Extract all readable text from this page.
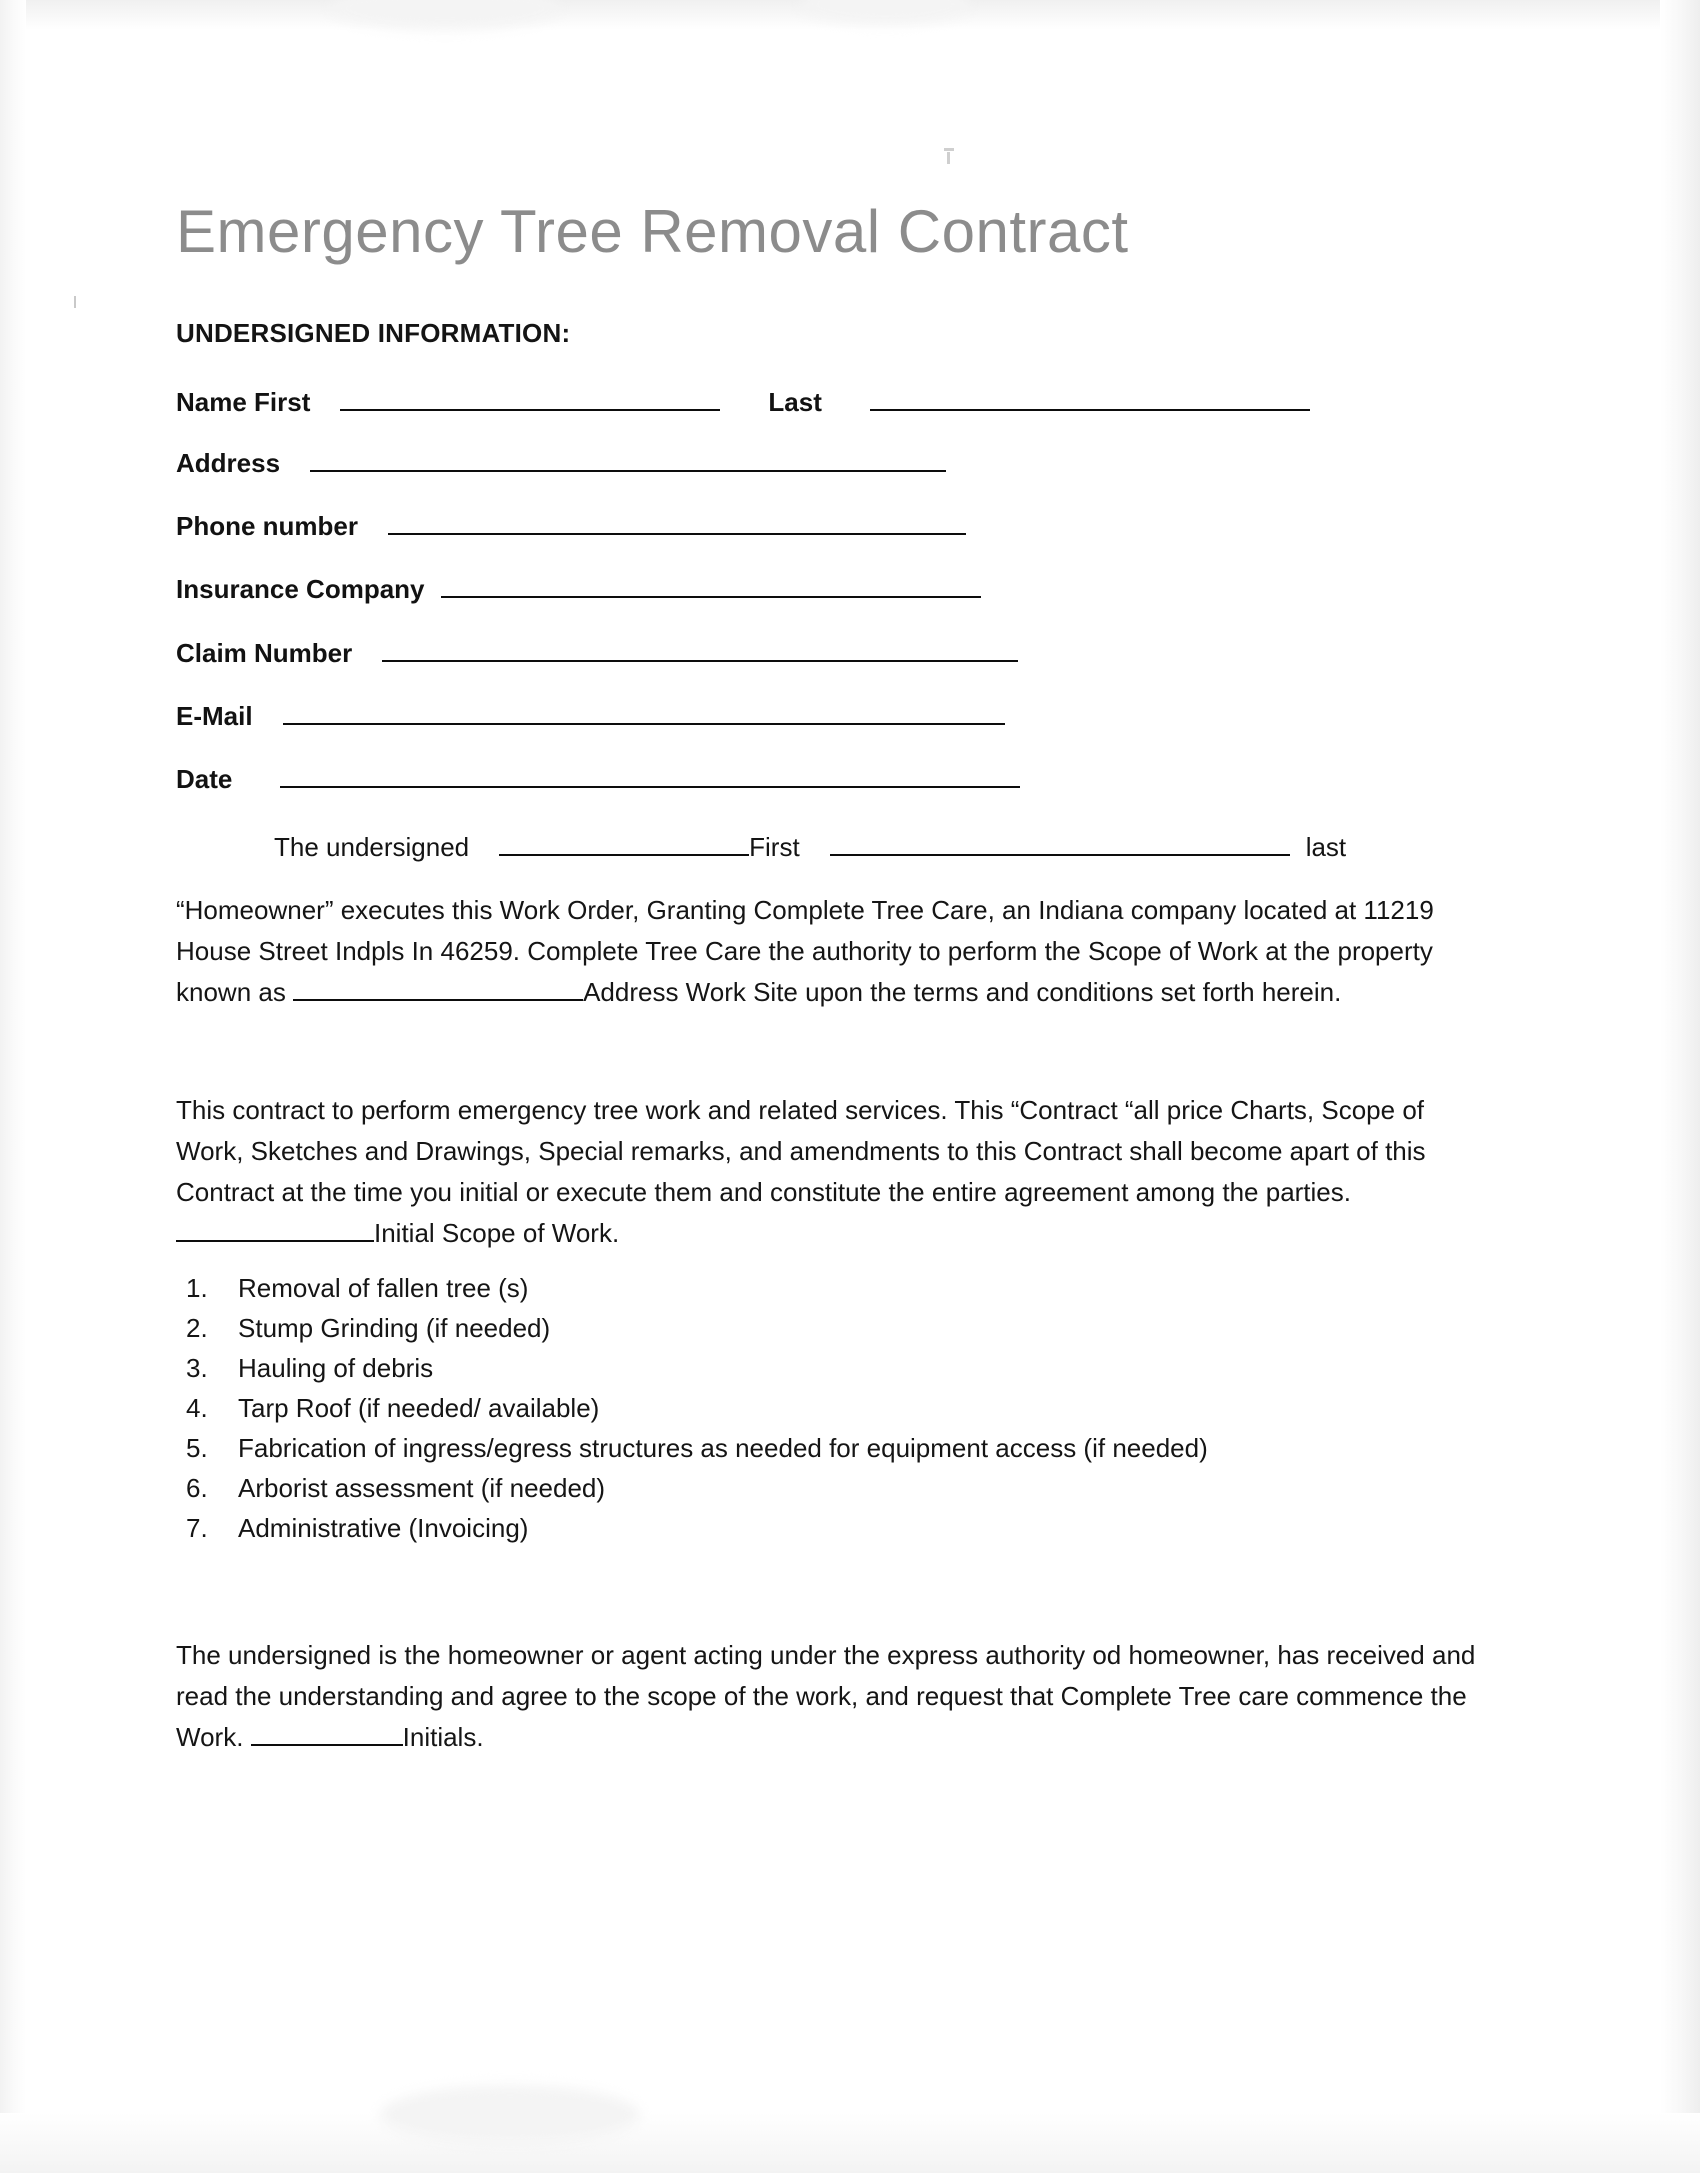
Emergency Tree Removal Contract
UNDERSIGNED INFORMATION:
Name First	Last
Address
Phone number
Insurance Company
Claim Number
E-Mail
Date
The undersigned	First	last
“Homeowner” executes this Work Order, Granting Complete Tree Care, an Indiana company located at 11219 House Street Indpls In 46259. Complete Tree Care the authority to perform the Scope of Work at the property known as	Address Work Site upon the terms and conditions set forth herein.
This contract to perform emergency tree work and related services. This “Contract “all price Charts, Scope of Work, Sketches and Drawings, Special remarks, and amendments to this Contract shall become apart of this Contract at the time you initial or execute them and constitute the entire agreement among the parties.Initial Scope of Work.
1.	Removal of fallen tree (s)
2.	Stump Grinding (if needed)
3.	Hauling of debris
4.	Tarp Roof (if needed/ available)
5.	Fabrication of ingress/egress structures as needed for equipment access (if needed)
6.	Arborist assessment (if needed)
7.	Administrative (Invoicing)
The undersigned is the homeowner or agent acting under the express authority od homeowner, has received and read the understanding and agree to the scope of the work, and request that Complete Tree care commence the Work.	Initials.
